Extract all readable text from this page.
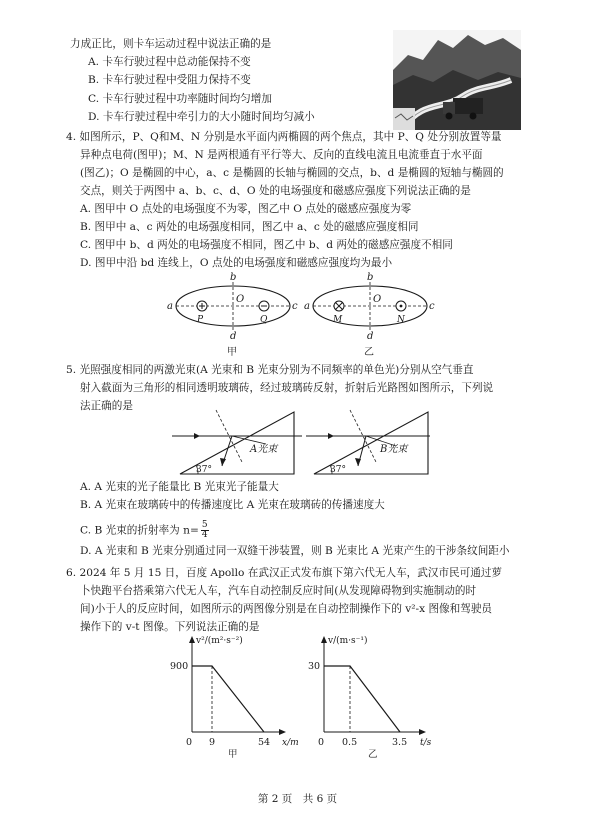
力成正比，则卡车运动过程中说法正确的是
A. 卡车行驶过程中总动能保持不变
B. 卡车行驶过程中受阻力保持不变
C. 卡车行驶过程中功率随时间均匀增加
D. 卡车行驶过程中牵引力的大小随时间均匀减小
4. 如图所示，P、Q和M、N 分别是水平面内两椭圆的两个焦点，其中 P、Q 处分别放置等量
异种点电荷(图甲)；M、N 是两根通有平行等大、反向的直线电流且电流垂直于水平面
(图乙)；O 是椭圆的中心，a、c 是椭圆的长轴与椭圆的交点，b、d 是椭圆的短轴与椭圆的
交点，则关于两图中 a、b、c、d、O 处的电场强度和磁感应强度下列说法正确的是
A. 图甲中 O 点处的电场强度不为零，图乙中 O 点处的磁感应强度为零
B. 图甲中 a、c 两处的电场强度相同，图乙中 a、c 处的磁感应强度相同
C. 图甲中 b、d 两处的电场强度不相同，图乙中 b、d 两处的磁感应强度不相同
D. 图甲中沿 bd 连线上，O 点处的电场强度和磁感应强度均为最小
b
a	c
d
O
P	Q
甲
b
a	c
d
O
M	N
乙
5. 光照强度相同的两激光束(A 光束和 B 光束分别为不同频率的单色光)分别从空气垂直
射入截面为三角形的相同透明玻璃砖，经过玻璃砖反射，折射后光路图如图所示，下列说
法正确的是
37°
A光束
37°
B光束
A. A 光束的光子能量比 B 光束光子能量大
B. A 光束在玻璃砖中的传播速度比 A 光束在玻璃砖的传播速度大
C. B 光束的折射率为 $n= \frac{5}{4}$
D. A 光束和 B 光束分别通过同一双缝干涉装置，则 B 光束比 A 光束产生的干涉条纹间距小
6. 2024 年 5 月 15 日，百度 Apollo 在武汉正式发布旗下第六代无人车，武汉市民可通过萝
卜快跑平台搭乘第六代无人车，汽车自动控制反应时间(从发现障碍物到实施制动的时
间)小于人的反应时间，如图所示的两图像分别是在自动控制操作下的 v²-x 图像和驾驶员
操作下的 v-t 图像。下列说法正确的是
v²/(m²·s⁻²)
900
0 9	54 x/m
甲
v/(m·s⁻¹)
30
0 0.5	3.5 t/s
乙
第 2 页　共 6 页
